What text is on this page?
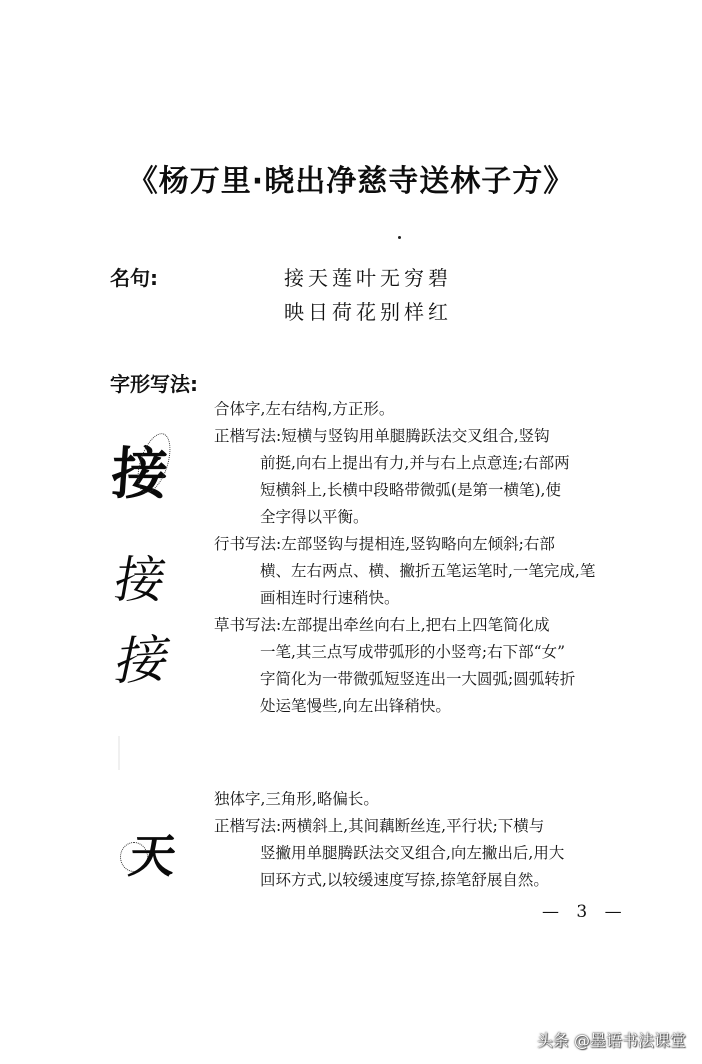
《杨万里·晓出净慈寺送林子方》
名句:	接天莲叶无穷碧
映日荷花别样红
字形写法:
接
接
接

合体字,左右结构,方正形。

正楷写法:短横与竖钩用单腿腾跃法交叉组合,竖钩
前挺,向右上提出有力,并与右上点意连;右部两
短横斜上,长横中段略带微弧(是第一横笔),使
全字得以平衡。

行书写法:左部竖钩与提相连,竖钩略向左倾斜;右部
横、左右两点、横、撇折五笔运笔时,一笔完成,笔
画相连时行速稍快。

草书写法:左部提出牵丝向右上,把右上四笔简化成
一笔,其三点写成带弧形的小竖弯;右下部“女”
字简化为一带微弧短竖连出一大圆弧;圆弧转折
处运笔慢些,向左出锋稍快。

天

独体字,三角形,略偏长。

正楷写法:两横斜上,其间藕断丝连,平行状;下横与
竖撇用单腿腾跃法交叉组合,向左撇出后,用大
回环方式,以较缓速度写捺,捺笔舒展自然。

— 3 —
头条 @墨语书法课堂
